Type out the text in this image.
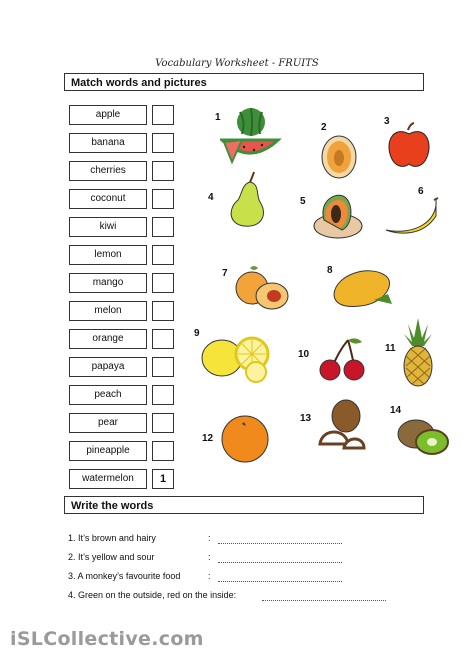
Vocabulary Worksheet - FRUITS
Match words and pictures
apple
banana
cherries
coconut
kiwi
lemon
mango
melon
orange
papaya
peach
pear
pineapple
watermelon	1
1
2
3
4	5
6
7	8
9
10
11
12
13
14
Write the words
1. It’s brown and hairy	:
2. It’s yellow and sour	:
3. A monkey’s favourite food	:
4. Green on the outside, red on the inside:
iSLCollective.com
